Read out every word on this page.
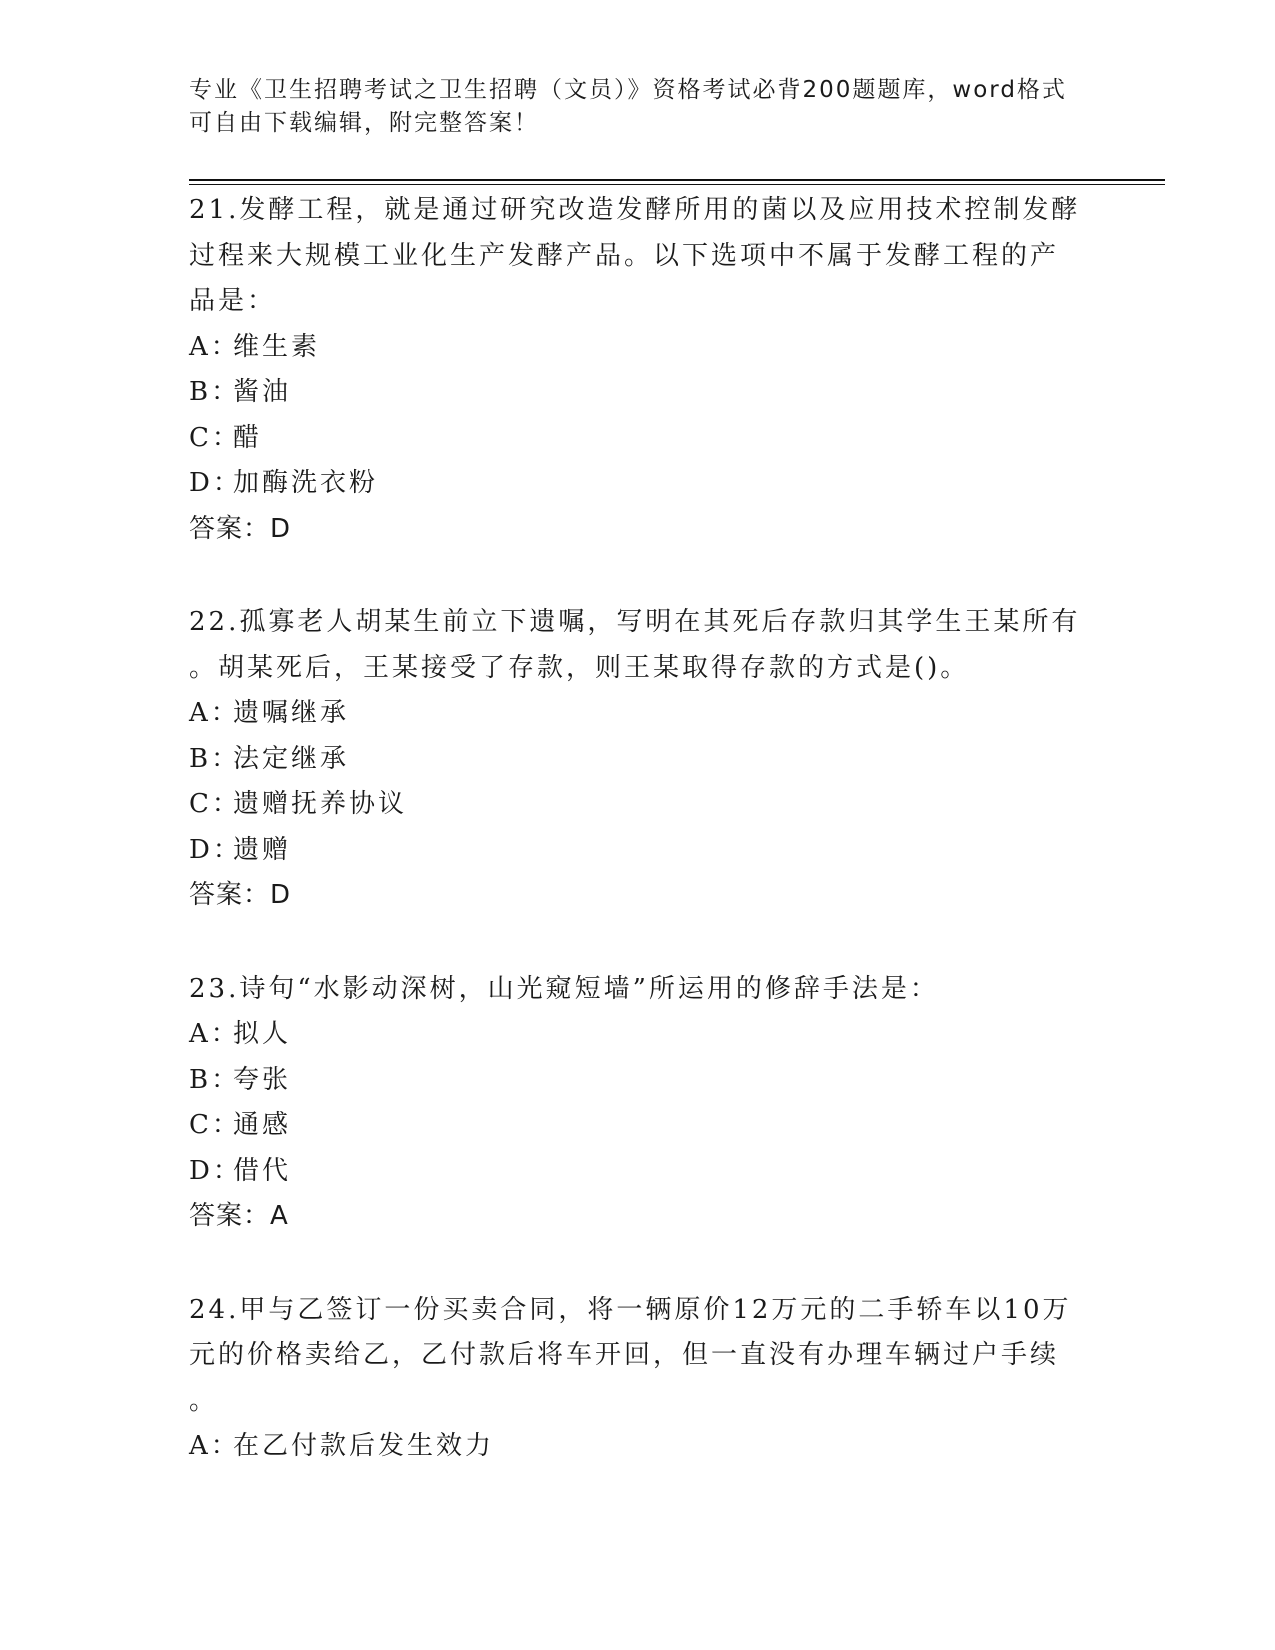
专业《卫生招聘考试之卫生招聘（文员）》资格考试必背200题题库，word格式
可自由下载编辑，附完整答案！
21.发酵工程，就是通过研究改造发酵所用的菌以及应用技术控制发酵
过程来大规模工业化生产发酵产品。以下选项中不属于发酵工程的产
品是：
A：
维生素
B：
酱油
C：
醋
D：
加酶洗衣粉
答案：D
22.孤寡老人胡某生前立下遗嘱，写明在其死后存款归其学生王某所有
。胡某死后，王某接受了存款，则王某取得存款的方式是()。
A：
遗嘱继承
B：
法定继承
C：
遗赠抚养协议
D：
遗赠
答案：D
23.诗句“水影动深树，山光窥短墙”所运用的修辞手法是：
A：
拟人
B：
夸张
C：
通感
D：
借代
答案：A
24.甲与乙签订一份买卖合同，将一辆原价12万元的二手轿车以10万
元的价格卖给乙，乙付款后将车开回，但一直没有办理车辆过户手续
。
A：
在乙付款后发生效力
